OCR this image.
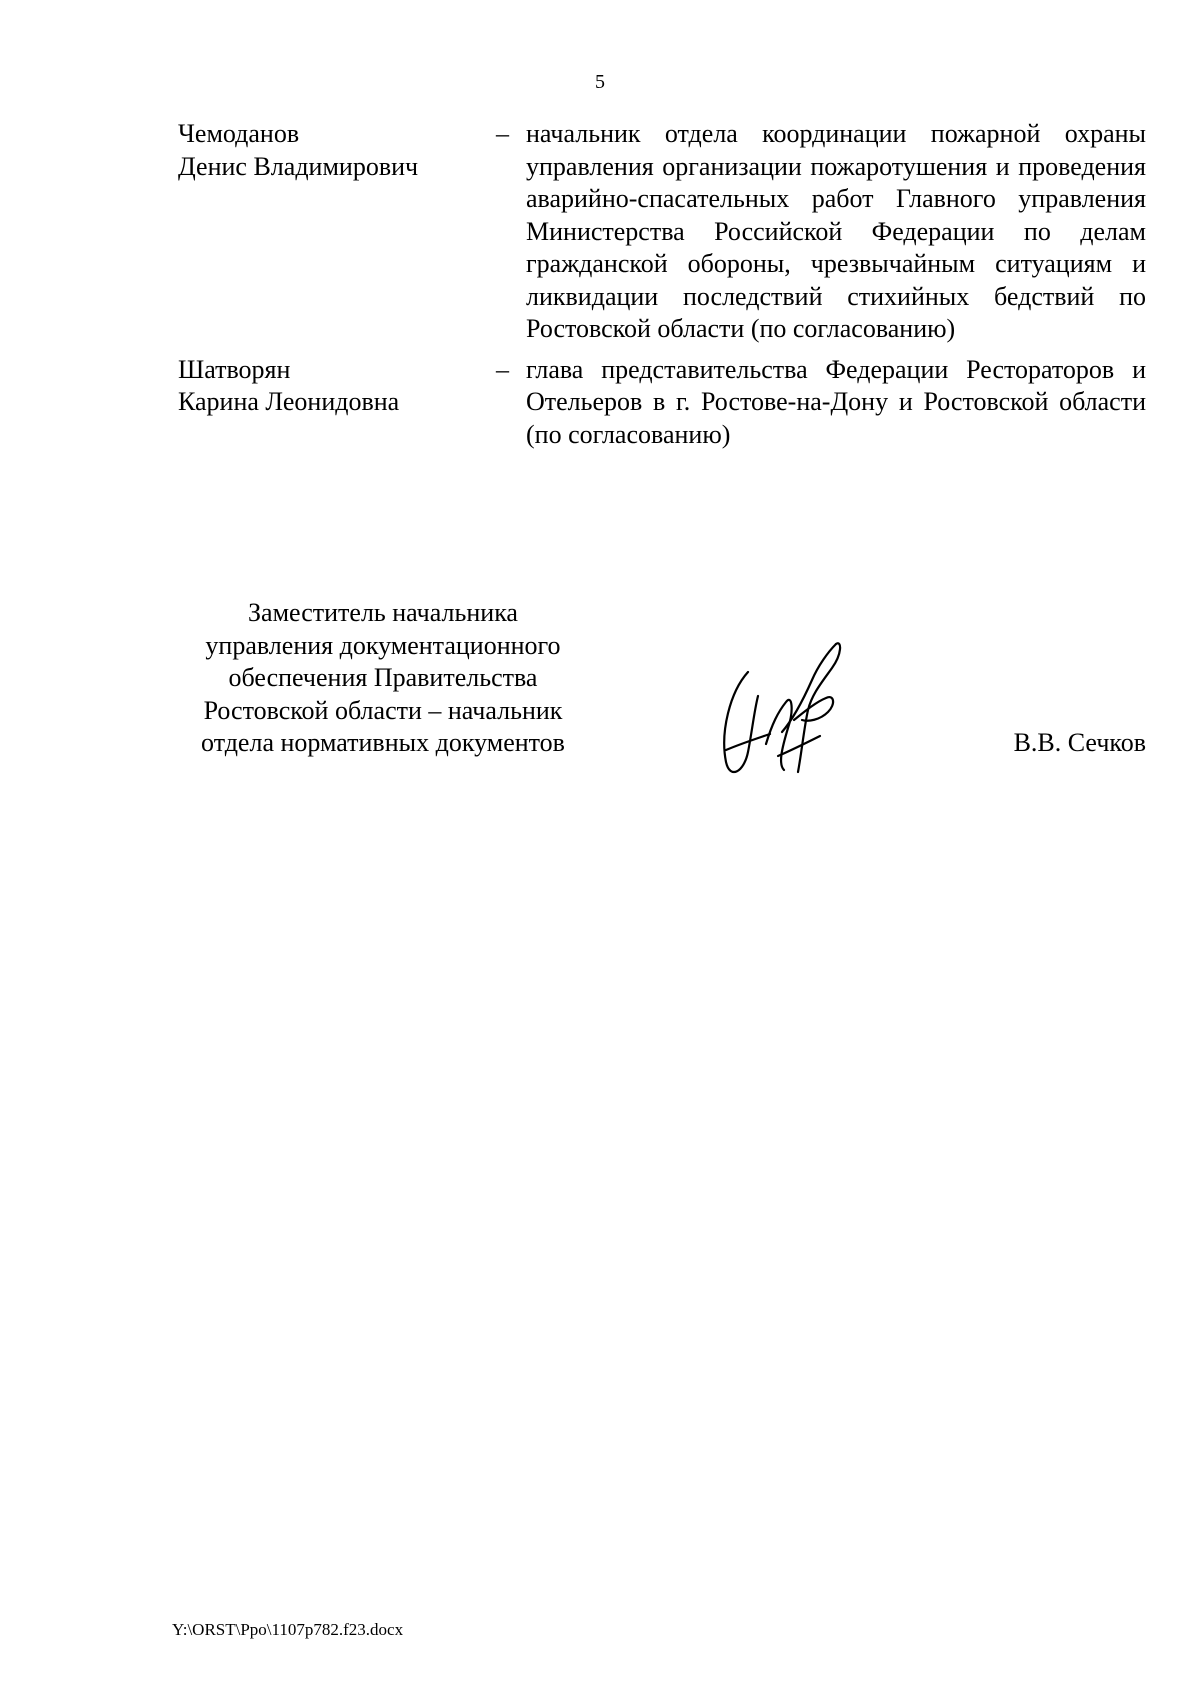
5
Чемоданов
Денис Владимирович
– начальник отдела координации пожарной охраны управления организации пожаротушения и проведения аварийно-спасательных работ Главного управления Министерства Российской Федерации по делам гражданской обороны, чрезвычайным ситуациям и ликвидации последствий стихийных бедствий по Ростовской области (по согласованию)
Шатворян
Карина Леонидовна
– глава представительства Федерации Рестораторов и Отельеров в г. Ростове-на-Дону и Ростовской области (по согласованию)
Заместитель начальника
управления документационного
обеспечения Правительства
Ростовской области – начальник
отдела нормативных документов	В.В. Сечков
Y:\ORST\Ppo\1107p782.f23.docx
